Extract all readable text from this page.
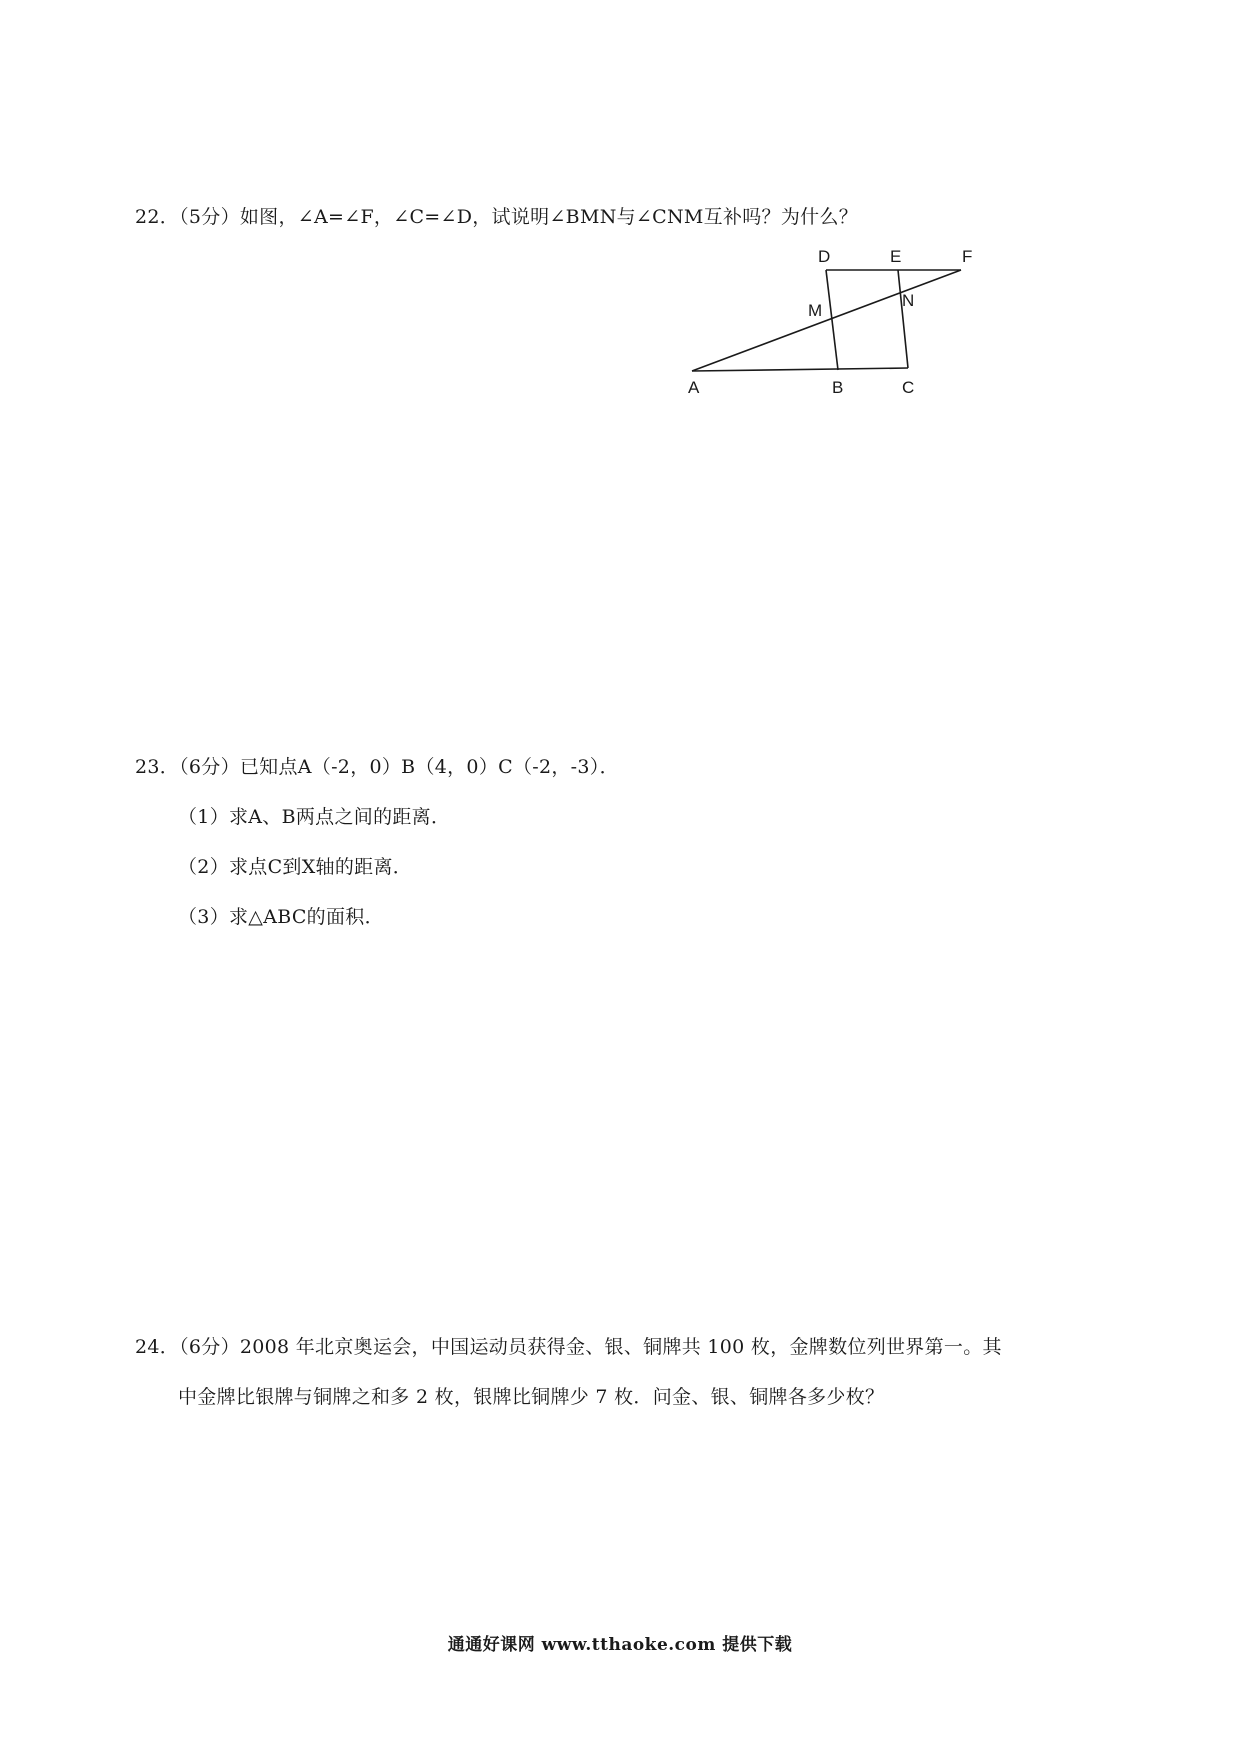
22．（5分）如图，∠A=∠F，∠C=∠D，试说明∠BMN与∠CNM互补吗？为什么？
D	E	F
M
N
A	B	C
23．（6分）已知点A（-2，0）B（4，0）C（-2，-3）．
（1）求A、B两点之间的距离．
（2）求点C到X轴的距离．
（3）求△ABC的面积．
24．（6分）2008 年北京奥运会，中国运动员获得金、银、铜牌共 100 枚，金牌数位列世界第一。其
中金牌比银牌与铜牌之和多 2 枚，银牌比铜牌少 7 枚．问金、银、铜牌各多少枚？
通通好课网 www.tthaoke.com 提供下载
